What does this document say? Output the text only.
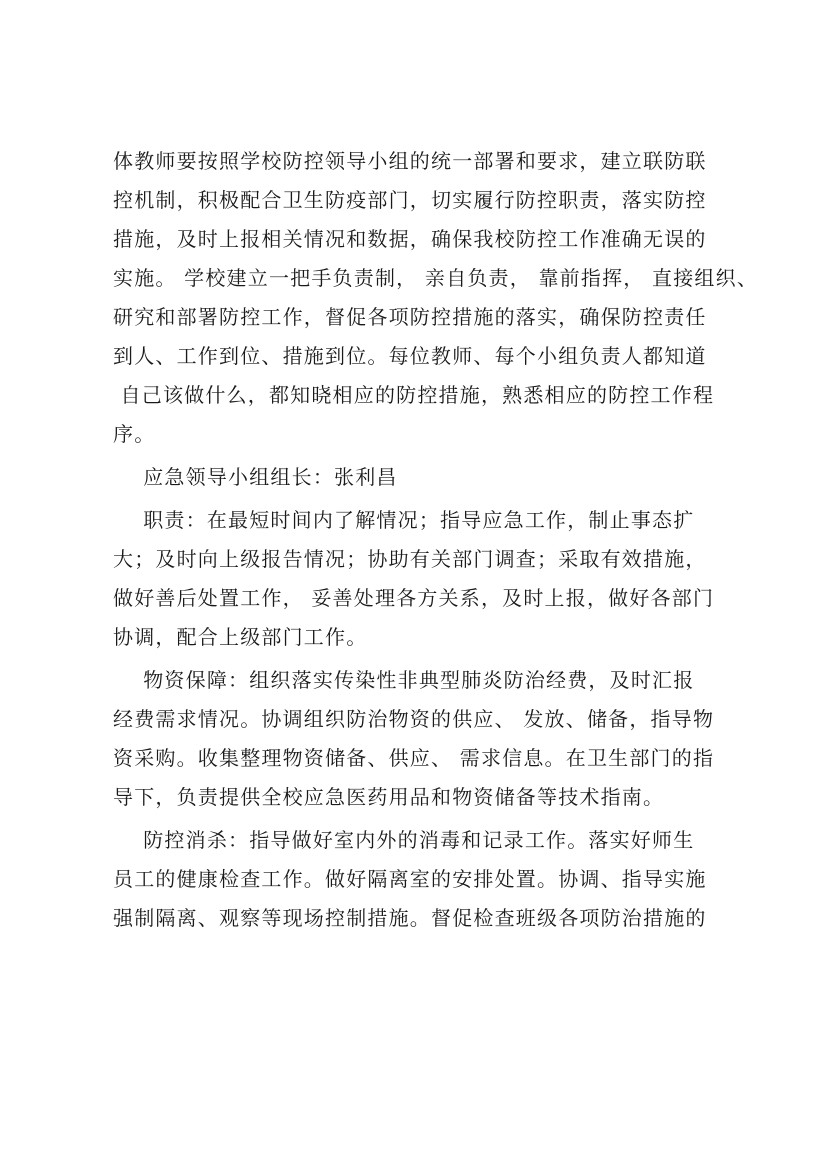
体教师要按照学校防控领导小组的统一部署和要求，建立联防联
控机制，积极配合卫生防疫部门，切实履行防控职责，落实防控
措施，及时上报相关情况和数据，确保我校防控工作准确无误的
实施。 学校建立一把手负责制， 亲自负责， 靠前指挥， 直接组织、
研究和部署防控工作，督促各项防控措施的落实，确保防控责任
到人、工作到位、措施到位。每位教师、每个小组负责人都知道
自己该做什么，都知晓相应的防控措施，熟悉相应的防控工作程
序。
应急领导小组组长：张利昌
职责：在最短时间内了解情况；指导应急工作，制止事态扩
大；及时向上级报告情况；协助有关部门调查；采取有效措施，
做好善后处置工作， 妥善处理各方关系，及时上报，做好各部门
协调，配合上级部门工作。
物资保障：组织落实传染性非典型肺炎防治经费，及时汇报
经费需求情况。协调组织防治物资的供应、 发放、储备，指导物
资采购。收集整理物资储备、供应、 需求信息。在卫生部门的指
导下，负责提供全校应急医药用品和物资储备等技术指南。
防控消杀：指导做好室内外的消毒和记录工作。落实好师生
员工的健康检查工作。做好隔离室的安排处置。协调、指导实施
强制隔离、观察等现场控制措施。督促检查班级各项防治措施的
